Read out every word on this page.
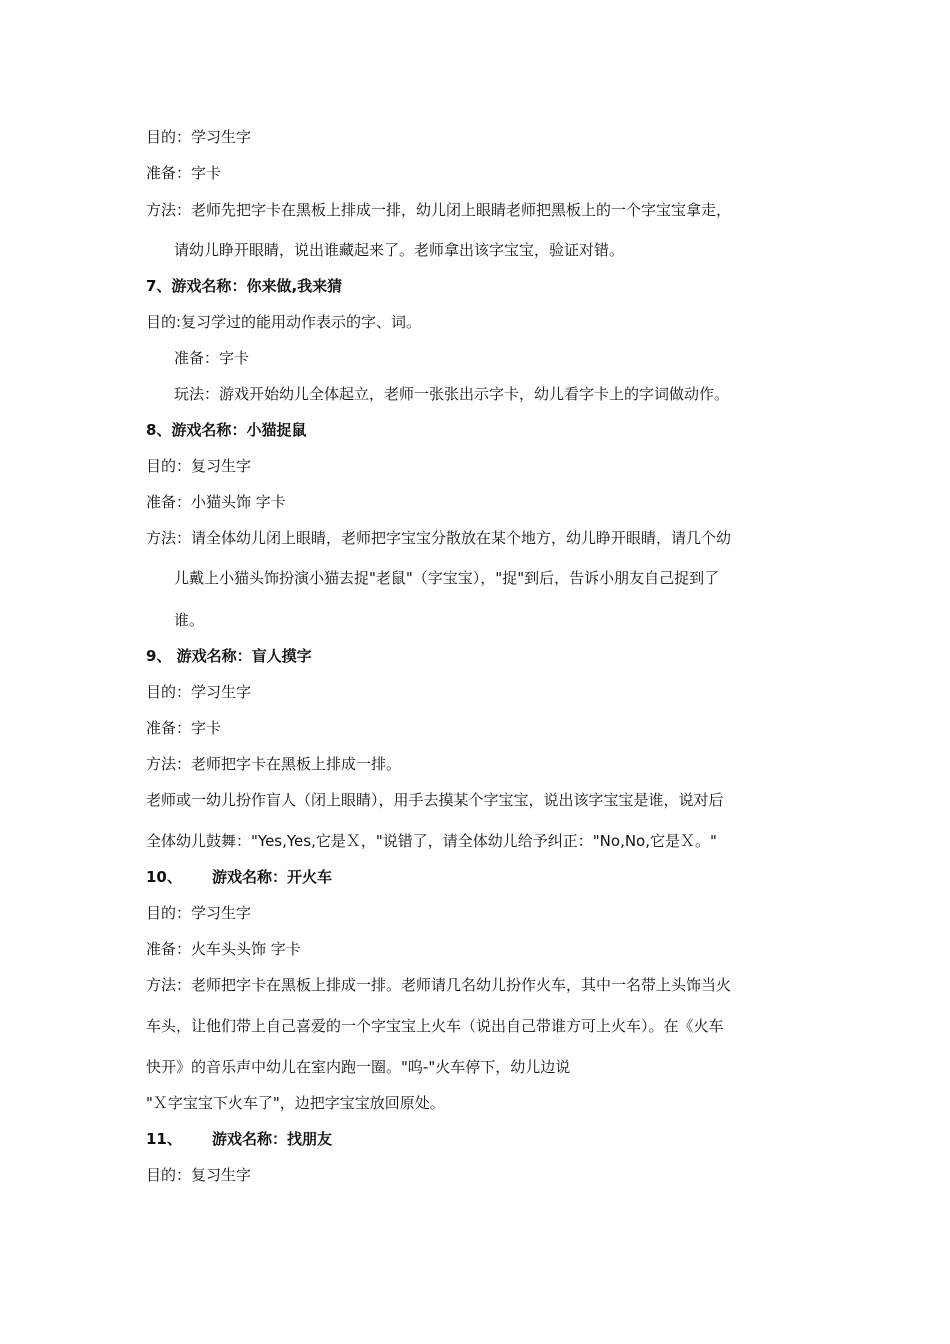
目的：学习生字
准备：字卡
方法：老师先把字卡在黑板上排成一排，幼儿闭上眼睛老师把黑板上的一个字宝宝拿走，
请幼儿睁开眼睛，说出谁藏起来了。老师拿出该字宝宝，验证对错。
7、游戏名称：你来做,我来猜
目的:复习学过的能用动作表示的字、词。
准备：字卡
玩法：游戏开始幼儿全体起立，老师一张张出示字卡，幼儿看字卡上的字词做动作。
8、游戏名称：小猫捉鼠
目的：复习生字
准备：小猫头饰 字卡
方法：请全体幼儿闭上眼睛，老师把字宝宝分散放在某个地方，幼儿睁开眼睛，请几个幼
儿戴上小猫头饰扮演小猫去捉"老鼠"（字宝宝），"捉"到后，告诉小朋友自己捉到了
谁。
9、 游戏名称：盲人摸字
目的：学习生字
准备：字卡
方法：老师把字卡在黑板上排成一排。
老师或一幼儿扮作盲人（闭上眼睛），用手去摸某个字宝宝，说出该字宝宝是谁，说对后
全体幼儿鼓舞："Yes,Yes,它是Ｘ，"说错了，请全体幼儿给予纠正："No,No,它是Ｘ。"
10、 游戏名称：开火车
目的：学习生字
准备：火车头头饰 字卡
方法：老师把字卡在黑板上排成一排。老师请几名幼儿扮作火车，其中一名带上头饰当火
车头，让他们带上自己喜爱的一个字宝宝上火车（说出自己带谁方可上火车）。在《火车
快开》的音乐声中幼儿在室内跑一圈。"呜-"火车停下，幼儿边说
"Ｘ字宝宝下火车了"，边把字宝宝放回原处。
11、 游戏名称：找朋友
目的：复习生字
